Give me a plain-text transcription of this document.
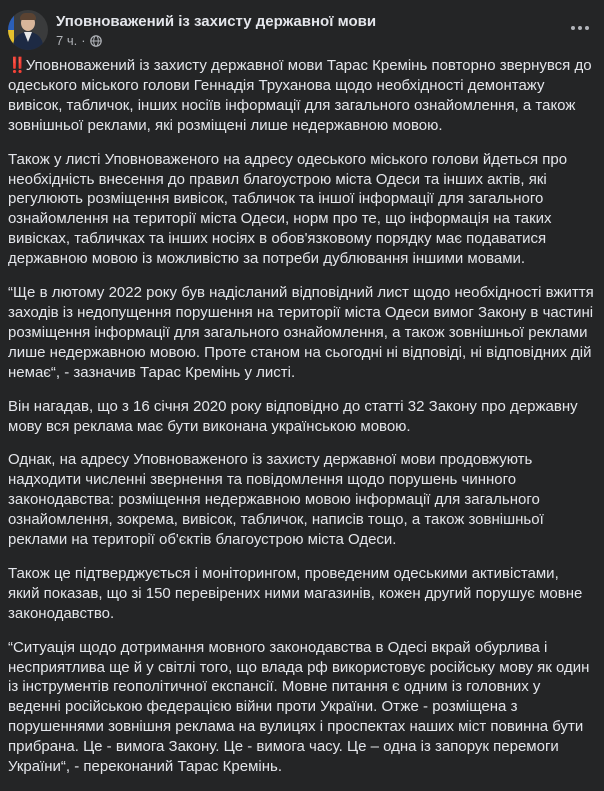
Уповноважений із захисту державної мови
7 ч. ·

‼️Уповноважений із захисту державної мови Тарас Кремінь повторно звернувся до одеського міського голови Геннадія Труханова щодо необхідності демонтажу вивісок, табличок, інших носіїв інформації для загального ознайомлення, а також зовнішньої реклами, які розміщені лише недержавною мовою.

Також у листі Уповноваженого на адресу одеського міського голови йдеться про необхідність внесення до правил благоустрою міста Одеси та інших актів, які регулюють розміщення вивісок, табличок та іншої інформації для загального ознайомлення на території міста Одеси, норм про те, що інформація на таких вивісках, табличках та інших носіях в обов'язковому порядку має подаватися державною мовою із можливістю за потреби дублювання іншими мовами.

“Ще в лютому 2022 року був надісланий відповідний лист щодо необхідності вжиття заходів із недопущення порушення на території міста Одеси вимог Закону в частині розміщення інформації для загального ознайомлення, а також зовнішньої реклами лише недержавною мовою. Проте станом на сьогодні ні відповіді, ні відповідних дій немає“, - зазначив Тарас Кремінь у листі.

Він нагадав, що з 16 січня 2020 року відповідно до статті 32 Закону про державну мову вся реклама має бути виконана українською мовою.

Однак, на адресу Уповноваженого із захисту державної мови продовжують надходити численні звернення та повідомлення щодо порушень чинного законодавства: розміщення недержавною мовою інформації для загального ознайомлення, зокрема, вивісок, табличок, написів тощо, а також зовнішньої реклами на території об'єктів благоустрою міста Одеси.

Також це підтверджується і моніторингом, проведеним одеськими активістами, який показав, що зі 150 перевірених ними магазинів, кожен другий порушує мовне законодавство.

“Ситуація щодо дотримання мовного законодавства в Одесі вкрай обурлива і несприятлива ще й у світлі того, що влада рф використовує російську мову як один із інструментів геополітичної експансії. Мовне питання є одним із головних у веденні російською федерацією війни проти України. Отже - розміщена з порушеннями зовнішня реклама на вулицях і проспектах наших міст повинна бути прибрана. Це - вимога Закону. Це - вимога часу. Це – одна із запорук перемоги України“, - переконаний Тарас Кремінь.
